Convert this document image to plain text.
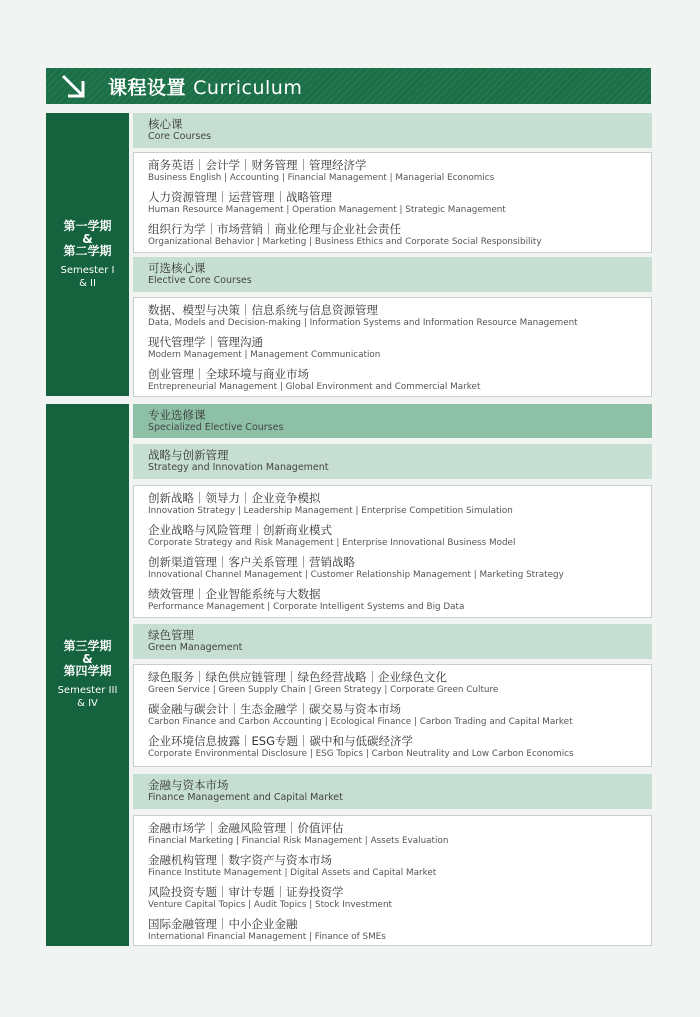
课程设置 Curriculum
第一学期
&
第二学期
Semester I
& II
第三学期
&
第四学期
Semester III
& IV
核心课
Core Courses
商务英语｜会计学｜财务管理｜管理经济学
Business English | Accounting | Financial Management | Managerial Economics
人力资源管理｜运营管理｜战略管理
Human Resource Management | Operation Management | Strategic Management
组织行为学｜市场营销｜商业伦理与企业社会责任
Organizational Behavior | Marketing | Business Ethics and Corporate Social Responsibility
可选核心课
Elective Core Courses
数据、模型与决策｜信息系统与信息资源管理
Data, Models and Decision-making | Information Systems and Information Resource Management
现代管理学｜管理沟通
Modern Management | Management Communication
创业管理｜全球环境与商业市场
Entrepreneurial Management | Global Environment and Commercial Market
专业选修课
Specialized Elective Courses
战略与创新管理
Strategy and Innovation Management
创新战略｜领导力｜企业竞争模拟
Innovation Strategy | Leadership Management | Enterprise Competition Simulation
企业战略与风险管理｜创新商业模式
Corporate Strategy and Risk Management | Enterprise Innovational Business Model
创新渠道管理｜客户关系管理｜营销战略
Innovational Channel Management | Customer Relationship Management | Marketing Strategy
绩效管理｜企业智能系统与大数据
Performance Management | Corporate Intelligent Systems and Big Data
绿色管理
Green Management
绿色服务｜绿色供应链管理｜绿色经营战略｜企业绿色文化
Green Service | Green Supply Chain | Green Strategy | Corporate Green Culture
碳金融与碳会计｜生态金融学｜碳交易与资本市场
Carbon Finance and Carbon Accounting | Ecological Finance | Carbon Trading and Capital Market
企业环境信息披露｜ESG专题｜碳中和与低碳经济学
Corporate Environmental Disclosure | ESG Topics | Carbon Neutrality and Low Carbon Economics
金融与资本市场
Finance Management and Capital Market
金融市场学｜金融风险管理｜价值评估
Financial Marketing | Financial Risk Management | Assets Evaluation
金融机构管理｜数字资产与资本市场
Finance Institute Management | Digital Assets and Capital Market
风险投资专题｜审计专题｜证券投资学
Venture Capital Topics | Audit Topics | Stock Investment
国际金融管理｜中小企业金融
International Financial Management | Finance of SMEs
